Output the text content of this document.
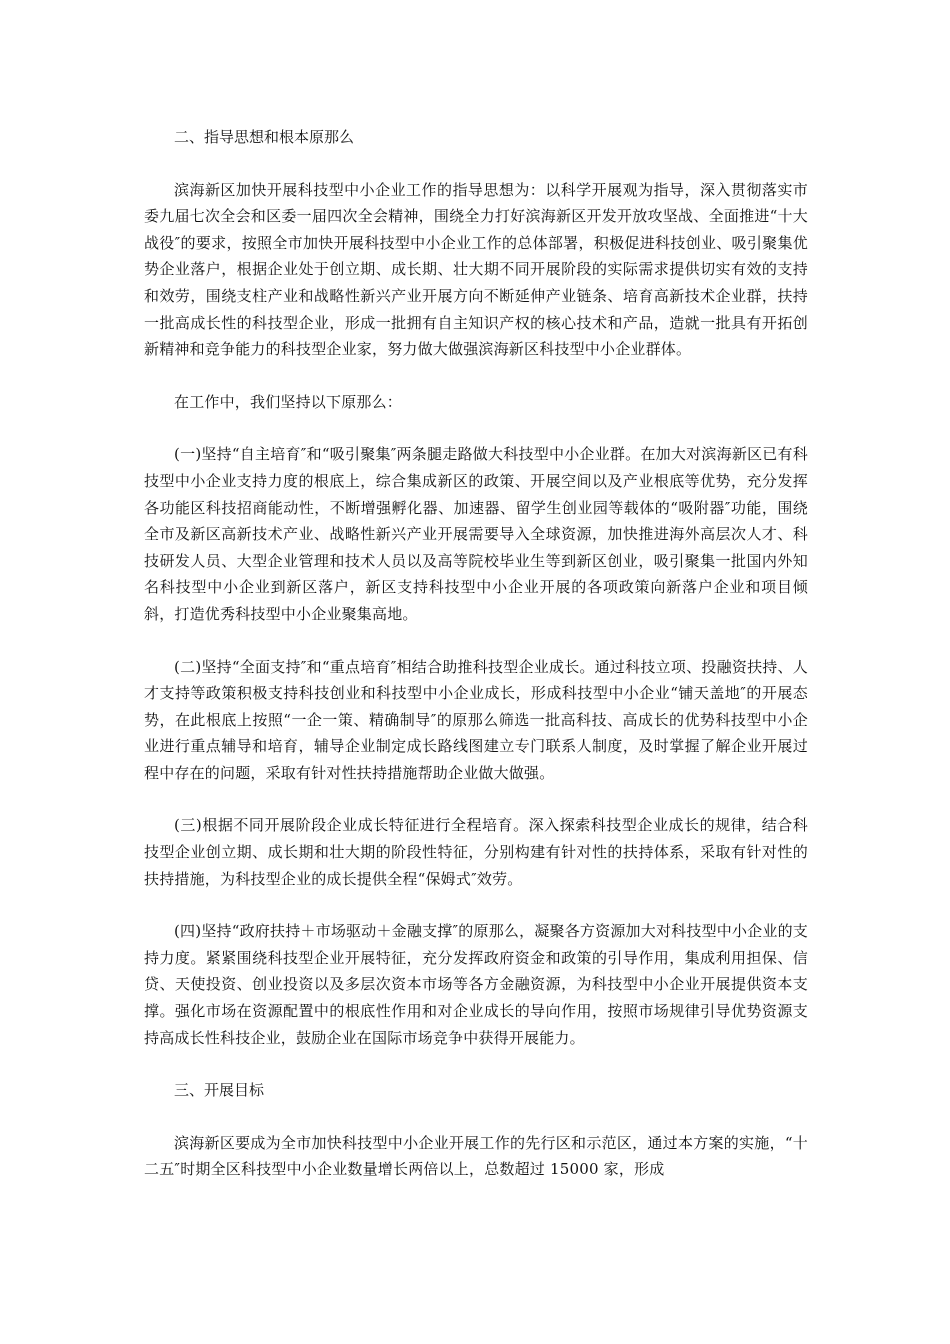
二、指导思想和根本原那么

滨海新区加快开展科技型中小企业工作的指导思想为：以科学开展观为指导，深入贯彻落实市委九届七次全会和区委一届四次全会精神，围绕全力打好滨海新区开发开放攻坚战、全面推进“十大战役″的要求，按照全市加快开展科技型中小企业工作的总体部署，积极促进科技创业、吸引聚集优势企业落户，根据企业处于创立期、成长期、壮大期不同开展阶段的实际需求提供切实有效的支持和效劳，围绕支柱产业和战略性新兴产业开展方向不断延伸产业链条、培育高新技术企业群，扶持一批高成长性的科技型企业，形成一批拥有自主知识产权的核心技术和产品，造就一批具有开拓创新精神和竞争能力的科技型企业家，努力做大做强滨海新区科技型中小企业群体。

在工作中，我们坚持以下原那么：

(一)坚持“自主培育″和“吸引聚集″两条腿走路做大科技型中小企业群。在加大对滨海新区已有科技型中小企业支持力度的根底上，综合集成新区的政策、开展空间以及产业根底等优势，充分发挥各功能区科技招商能动性，不断增强孵化器、加速器、留学生创业园等载体的“吸附器″功能，围绕全市及新区高新技术产业、战略性新兴产业开展需要导入全球资源，加快推进海外高层次人才、科技研发人员、大型企业管理和技术人员以及高等院校毕业生等到新区创业，吸引聚集一批国内外知名科技型中小企业到新区落户，新区支持科技型中小企业开展的各项政策向新落户企业和项目倾斜，打造优秀科技型中小企业聚集高地。

(二)坚持“全面支持″和“重点培育″相结合助推科技型企业成长。通过科技立项、投融资扶持、人才支持等政策积极支持科技创业和科技型中小企业成长，形成科技型中小企业“铺天盖地″的开展态势，在此根底上按照“一企一策、精确制导″的原那么筛选一批高科技、高成长的优势科技型中小企业进行重点辅导和培育，辅导企业制定成长路线图建立专门联系人制度，及时掌握了解企业开展过程中存在的问题，采取有针对性扶持措施帮助企业做大做强。

(三)根据不同开展阶段企业成长特征进行全程培育。深入探索科技型企业成长的规律，结合科技型企业创立期、成长期和壮大期的阶段性特征，分别构建有针对性的扶持体系，采取有针对性的扶持措施，为科技型企业的成长提供全程“保姆式″效劳。

(四)坚持“政府扶持＋市场驱动＋金融支撑″的原那么，凝聚各方资源加大对科技型中小企业的支持力度。紧紧围绕科技型企业开展特征，充分发挥政府资金和政策的引导作用，集成利用担保、信贷、天使投资、创业投资以及多层次资本市场等各方金融资源，为科技型中小企业开展提供资本支撑。强化市场在资源配置中的根底性作用和对企业成长的导向作用，按照市场规律引导优势资源支持高成长性科技企业，鼓励企业在国际市场竞争中获得开展能力。

三、开展目标

滨海新区要成为全市加快科技型中小企业开展工作的先行区和示范区，通过本方案的实施，“十二五″时期全区科技型中小企业数量增长两倍以上，总数超过 15000 家，形成
